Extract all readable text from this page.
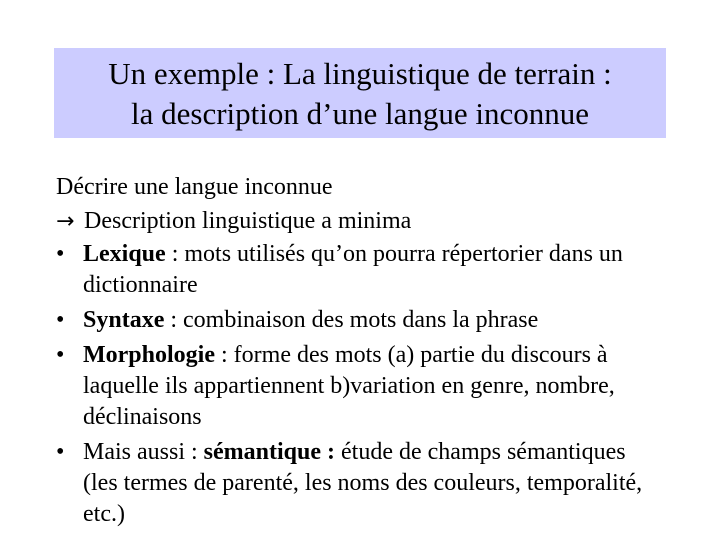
Un exemple : La linguistique de terrain :
la description d’une langue inconnue
Décrire une langue inconnue
→ Description linguistique a minima
• Lexique : mots utilisés qu’on pourra répertorier dans un dictionnaire
• Syntaxe : combinaison des mots dans la phrase
• Morphologie : forme des mots (a) partie du discours à laquelle ils appartiennent b)variation en genre, nombre, déclinaisons
• Mais aussi : sémantique : étude de champs sémantiques (les termes de parenté, les noms des couleurs, temporalité, etc.)
